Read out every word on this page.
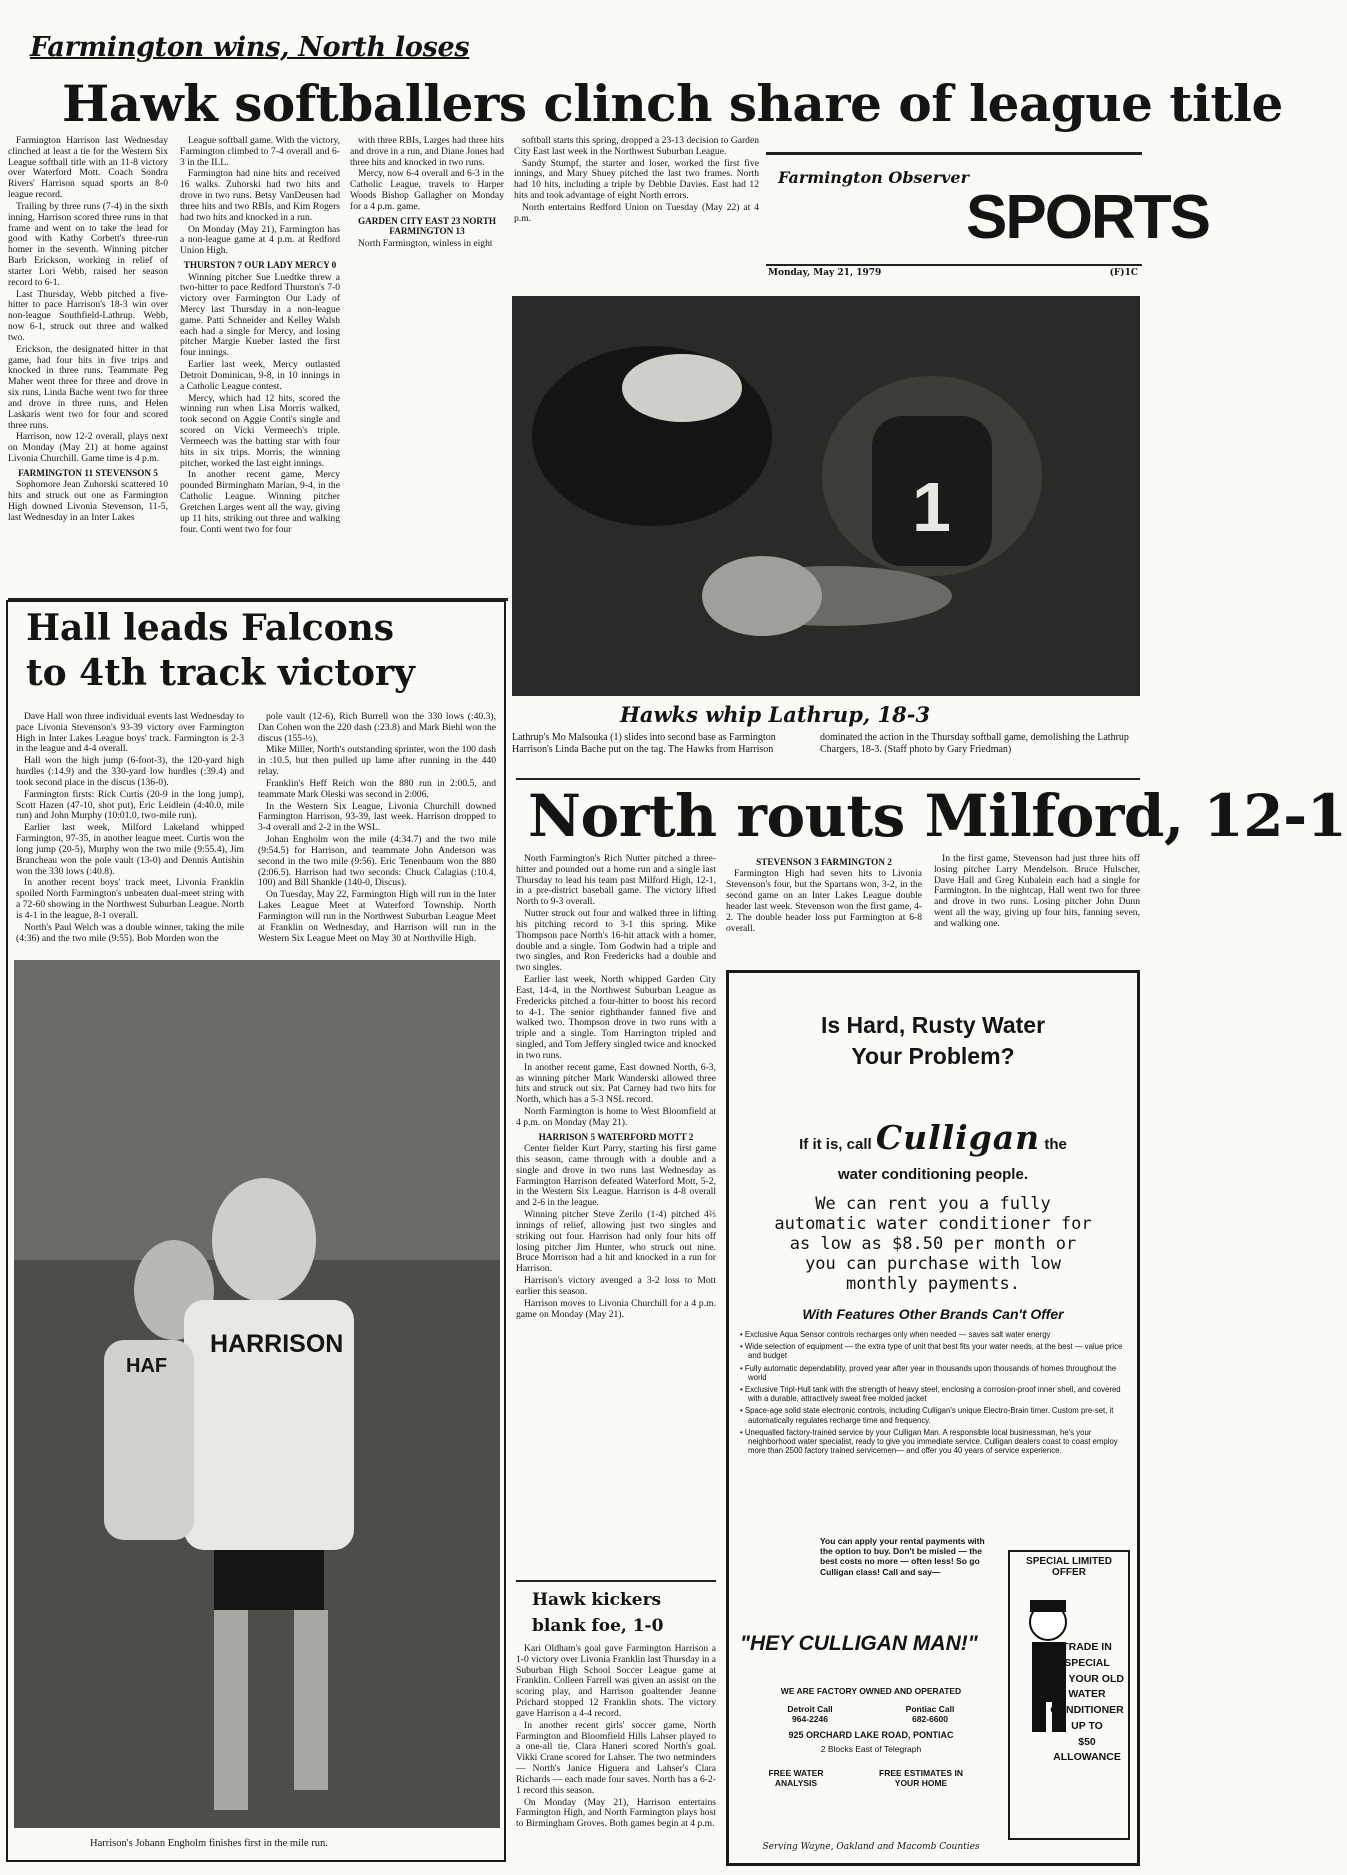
Farmington wins, North loses
Hawk softballers clinch share of league title

Farmington Harrison last Wednesday clinched at least a tie for the Western Six League softball title with an 11-8 victory over Waterford Mott. Coach Sondra Rivers' Harrison squad sports an 8-0 league record.

Trailing by three runs (7-4) in the sixth inning, Harrison scored three runs in that frame and went on to take the lead for good with Kathy Corbett's three-run homer in the seventh. Winning pitcher Barb Erickson, working in relief of starter Lori Webb, raised her season record to 6-1.

Last Thursday, Webb pitched a five-hitter to pace Harrison's 18-3 win over non-league Southfield-Lathrup. Webb, now 6-1, struck out three and walked two.

Erickson, the designated hitter in that game, had four hits in five trips and knocked in three runs. Teammate Peg Maher went three for three and drove in six runs, Linda Bache went two for three and drove in three runs, and Helen Laskaris went two for four and scored three runs.

Harrison, now 12-2 overall, plays next on Monday (May 21) at home against Livonia Churchill. Game time is 4 p.m.

FARMINGTON 11 STEVENSON 5

Sophomore Jean Zuhorski scattered 10 hits and struck out one as Farmington High downed Livonia Stevenson, 11-5, last Wednesday in an Inter Lakes

League softball game. With the victory, Farmington climbed to 7-4 overall and 6-3 in the ILL.

Farmington had nine hits and received 16 walks. Zuhorski had two hits and drove in two runs. Betsy VanDeusen had three hits and two RBIs, and Kim Rogers had two hits and knocked in a run.

On Monday (May 21), Farmington has a non-league game at 4 p.m. at Redford Union High.

THURSTON 7 OUR LADY MERCY 0

Winning pitcher Sue Luedtke threw a two-hitter to pace Redford Thurston's 7-0 victory over Farmington Our Lady of Mercy last Thursday in a non-league game. Patti Schneider and Kelley Walsh each had a single for Mercy, and losing pitcher Margie Kueber lasted the first four innings.

Earlier last week, Mercy outlasted Detroit Dominican, 9-8, in 10 innings in a Catholic League contest.

Mercy, which had 12 hits, scored the winning run when Lisa Morris walked, took second on Aggie Conti's single and scored on Vicki Vermeech's triple. Vermeech was the batting star with four hits in six trips. Morris, the winning pitcher, worked the last eight innings.

In another recent game, Mercy pounded Birmingham Marian, 9-4, in the Catholic League. Winning pitcher Gretchen Larges went all the way, giving up 11 hits, striking out three and walking four. Conti went two for four

with three RBIs, Larges had three hits and drove in a run, and Diane Jones had three hits and knocked in two runs.

Mercy, now 6-4 overall and 6-3 in the Catholic League, travels to Harper Woods Bishop Gallagher on Monday for a 4 p.m. game.

GARDEN CITY EAST 23 NORTH FARMINGTON 13

North Farmington, winless in eight

softball starts this spring, dropped a 23-13 decision to Garden City East last week in the Northwest Suburban League.

Sandy Stumpf, the starter and loser, worked the first five innings, and Mary Shuey pitched the last two frames. North had 10 hits, including a triple by Debbie Davies. East had 12 hits and took advantage of eight North errors.

North entertains Redford Union on Tuesday (May 22) at 4 p.m.

Farmington Observer
SPORTS
Monday, May 21, 1979	(F)1C
1
Hawks whip Lathrup, 18-3
Lathrup's Mo Malsouka (1) slides into second base as Farmington Harrison's Linda Bache put on the tag. The Hawks from Harrison
dominated the action in the Thursday softball game, demolishing the Lathrup Chargers, 18-3. (Staff photo by Gary Friedman)
Hall leads Falcons
to 4th track victory

Dave Hall won three individual events last Wednesday to pace Livonia Stevenson's 93-39 victory over Farmington High in Inter Lakes League boys' track. Farmington is 2-3 in the league and 4-4 overall.

Hall won the high jump (6-foot-3), the 120-yard high hurdles (:14.9) and the 330-yard low hurdles (:39.4) and took second place in the discus (136-0).

Farmington firsts: Rick Curtis (20-9 in the long jump), Scott Hazen (47-10, shot put), Eric Leidlein (4:40.0, mile run) and John Murphy (10:01.0, two-mile run).

Earlier last week, Milford Lakeland whipped Farmington, 97-35, in another league meet. Curtis won the long jump (20-5), Murphy won the two mile (9:55.4), Jim Brancheau won the pole vault (13-0) and Dennis Antishin won the 330 lows (:40.8).

In another recent boys' track meet, Livonia Franklin spoiled North Farmington's unbeaten dual-meet string with a 72-60 showing in the Northwest Suburban League. North is 4-1 in the league, 8-1 overall.

North's Paul Welch was a double winner, taking the mile (4:36) and the two mile (9:55). Bob Morden won the

pole vault (12-6), Rich Burrell won the 330 lows (:40.3), Dan Cohen won the 220 dash (:23.8) and Mark Biehl won the discus (155-½).

Mike Miller, North's outstanding sprinter, won the 100 dash in :10.5, but then pulled up lame after running in the 440 relay.

Franklin's Heff Reich won the 880 run in 2:00.5, and teammate Mark Oleski was second in 2:006.

In the Western Six League, Livonia Churchill downed Farmington Harrison, 93-39, last week. Harrison dropped to 3-4 overall and 2-2 in the WSL.

Johan Engholm won the mile (4:34.7) and the two mile (9:54.5) for Harrison, and teammate John Anderson was second in the two mile (9:56). Eric Tenenbaum won the 880 (2:06.5). Harrison had two seconds: Chuck Calagias (:10.4, 100) and Bill Shankle (140-0, Discus).

On Tuesday, May 22, Farmington High will run in the Inter Lakes League Meet at Waterford Township. North Farmington will run in the Northwest Suburban League Meet at Franklin on Wednesday, and Harrison will run in the Western Six League Meet on May 30 at Northville High.

HARRISON
HAF
Harrison's Johann Engholm finishes first in the mile run.
North routs Milford, 12-1

North Farmington's Rich Nutter pitched a three-hitter and pounded out a home run and a single last Thursday to lead his team past Milford High, 12-1, in a pre-district baseball game. The victory lifted North to 9-3 overall.

Nutter struck out four and walked three in lifting his pitching record to 3-1 this spring. Mike Thompson pace North's 16-hit attack with a homer, double and a single. Tom Godwin had a triple and two singles, and Ron Fredericks had a double and two singles.

Earlier last week, North whipped Garden City East, 14-4, in the Northwest Suburban League as Fredericks pitched a four-hitter to boost his record to 4-1. The senior righthander fanned five and walked two. Thompson drove in two runs with a triple and a single. Tom Harrington tripled and singled, and Tom Jeffery singled twice and knocked in two runs.

In another recent game, East downed North, 6-3, as winning pitcher Mark Wanderski allowed three hits and struck out six. Pat Carney had two hits for North, which has a 5-3 NSL record.

North Farmington is home to West Bloomfield at 4 p.m. on Monday (May 21).

HARRISON 5 WATERFORD MOTT 2

Center fielder Kurt Parry, starting his first game this season, came through with a double and a single and drove in two runs last Wednesday as Farmington Harrison defeated Waterford Mott, 5-2, in the Western Six League. Harrison is 4-8 overall and 2-6 in the league.

Winning pitcher Steve Zerilo (1-4) pitched 4⅔ innings of relief, allowing just two singles and striking out four. Harrison had only four hits off losing pitcher Jim Hunter, who struck out nine. Bruce Morrison had a hit and knocked in a run for Harrison.

Harrison's victory avenged a 3-2 loss to Mott earlier this season.

Harrison moves to Livonia Churchill for a 4 p.m. game on Monday (May 21).

STEVENSON 3 FARMINGTON 2

Farmington High had seven hits to Livonia Stevenson's four, but the Spartans won, 3-2, in the second game on an Inter Lakes League double header last week. Stevenson won the first game, 4-2. The double header loss put Farmington at 6-8 overall.

In the first game, Stevenson had just three hits off losing pitcher Larry Mendelson. Bruce Hulscher, Dave Hall and Greg Kubalein each had a single for Farmington. In the nightcap, Hall went two for three and drove in two runs. Losing pitcher John Dunn went all the way, giving up four hits, fanning seven, and walking one.

Hawk kickers
blank foe, 1-0

Kari Oldham's goal gave Farmington Harrison a 1-0 victory over Livonia Franklin last Thursday in a Suburban High School Soccer League game at Franklin. Colleen Farrell was given an assist on the scoring play, and Harrison goaltender Jeanne Prichard stopped 12 Franklin shots. The victory gave Harrison a 4-4 record.

In another recent girls' soccer game, North Farmington and Bloomfield Hills Lahser played to a one-all tie. Clara Haneri scored North's goal. Vikki Crane scored for Lahser. The two netminders — North's Janice Higuera and Lahser's Clara Richards — each made four saves. North has a 6-2-1 record this season.

On Monday (May 21), Harrison entertains Farmington High, and North Farmington plays host to Birmingham Groves. Both games begin at 4 p.m.

Is Hard, Rusty Water
Your Problem?
If it is, call Culligan the
water conditioning people.
We can rent you a fully automatic water conditioner for as low as $8.50 per month or you can purchase with low monthly payments.
With Features Other Brands Can't Offer
• Exclusive Aqua Sensor controls recharges only when needed — saves salt water energy
• Wide selection of equipment — the extra type of unit that best fits your water needs, at the best — value price and budget
• Fully automatic dependability, proved year after year in thousands upon thousands of homes throughout the world
• Exclusive Tripl-Hull tank with the strength of heavy steel, enclosing a corrosion-proof inner shell, and covered with a durable, attractively sweat free molded jacket
• Space-age solid state electronic controls, including Culligan's unique Electro-Brain timer. Custom pre-set, it automatically regulates recharge time and frequency.
• Unequalled factory-trained service by your Culligan Man. A responsible local businessman, he's your neighborhood water specialist, ready to give you immediate service. Culligan dealers coast to coast employ more than 2500 factory trained servicemen— and offer you 40 years of service experience.
You can apply your rental payments with the option to buy. Don't be misled — the best costs no more — often less! So go Culligan class! Call and say—
"HEY CULLIGAN MAN!"
WE ARE FACTORY OWNED AND OPERATED
Detroit Call
964-2246
Pontiac Call
682-6600
925 ORCHARD LAKE ROAD, PONTIAC
2 Blocks East of Telegraph
FREE WATER ANALYSIS
FREE ESTIMATES IN YOUR HOME
Serving Wayne, Oakland and Macomb Counties
SPECIAL LIMITED OFFER
TRADE IN
SPECIAL
ON YOUR OLD
WATER
CONDITIONER
UP TO
$50
ALLOWANCE
